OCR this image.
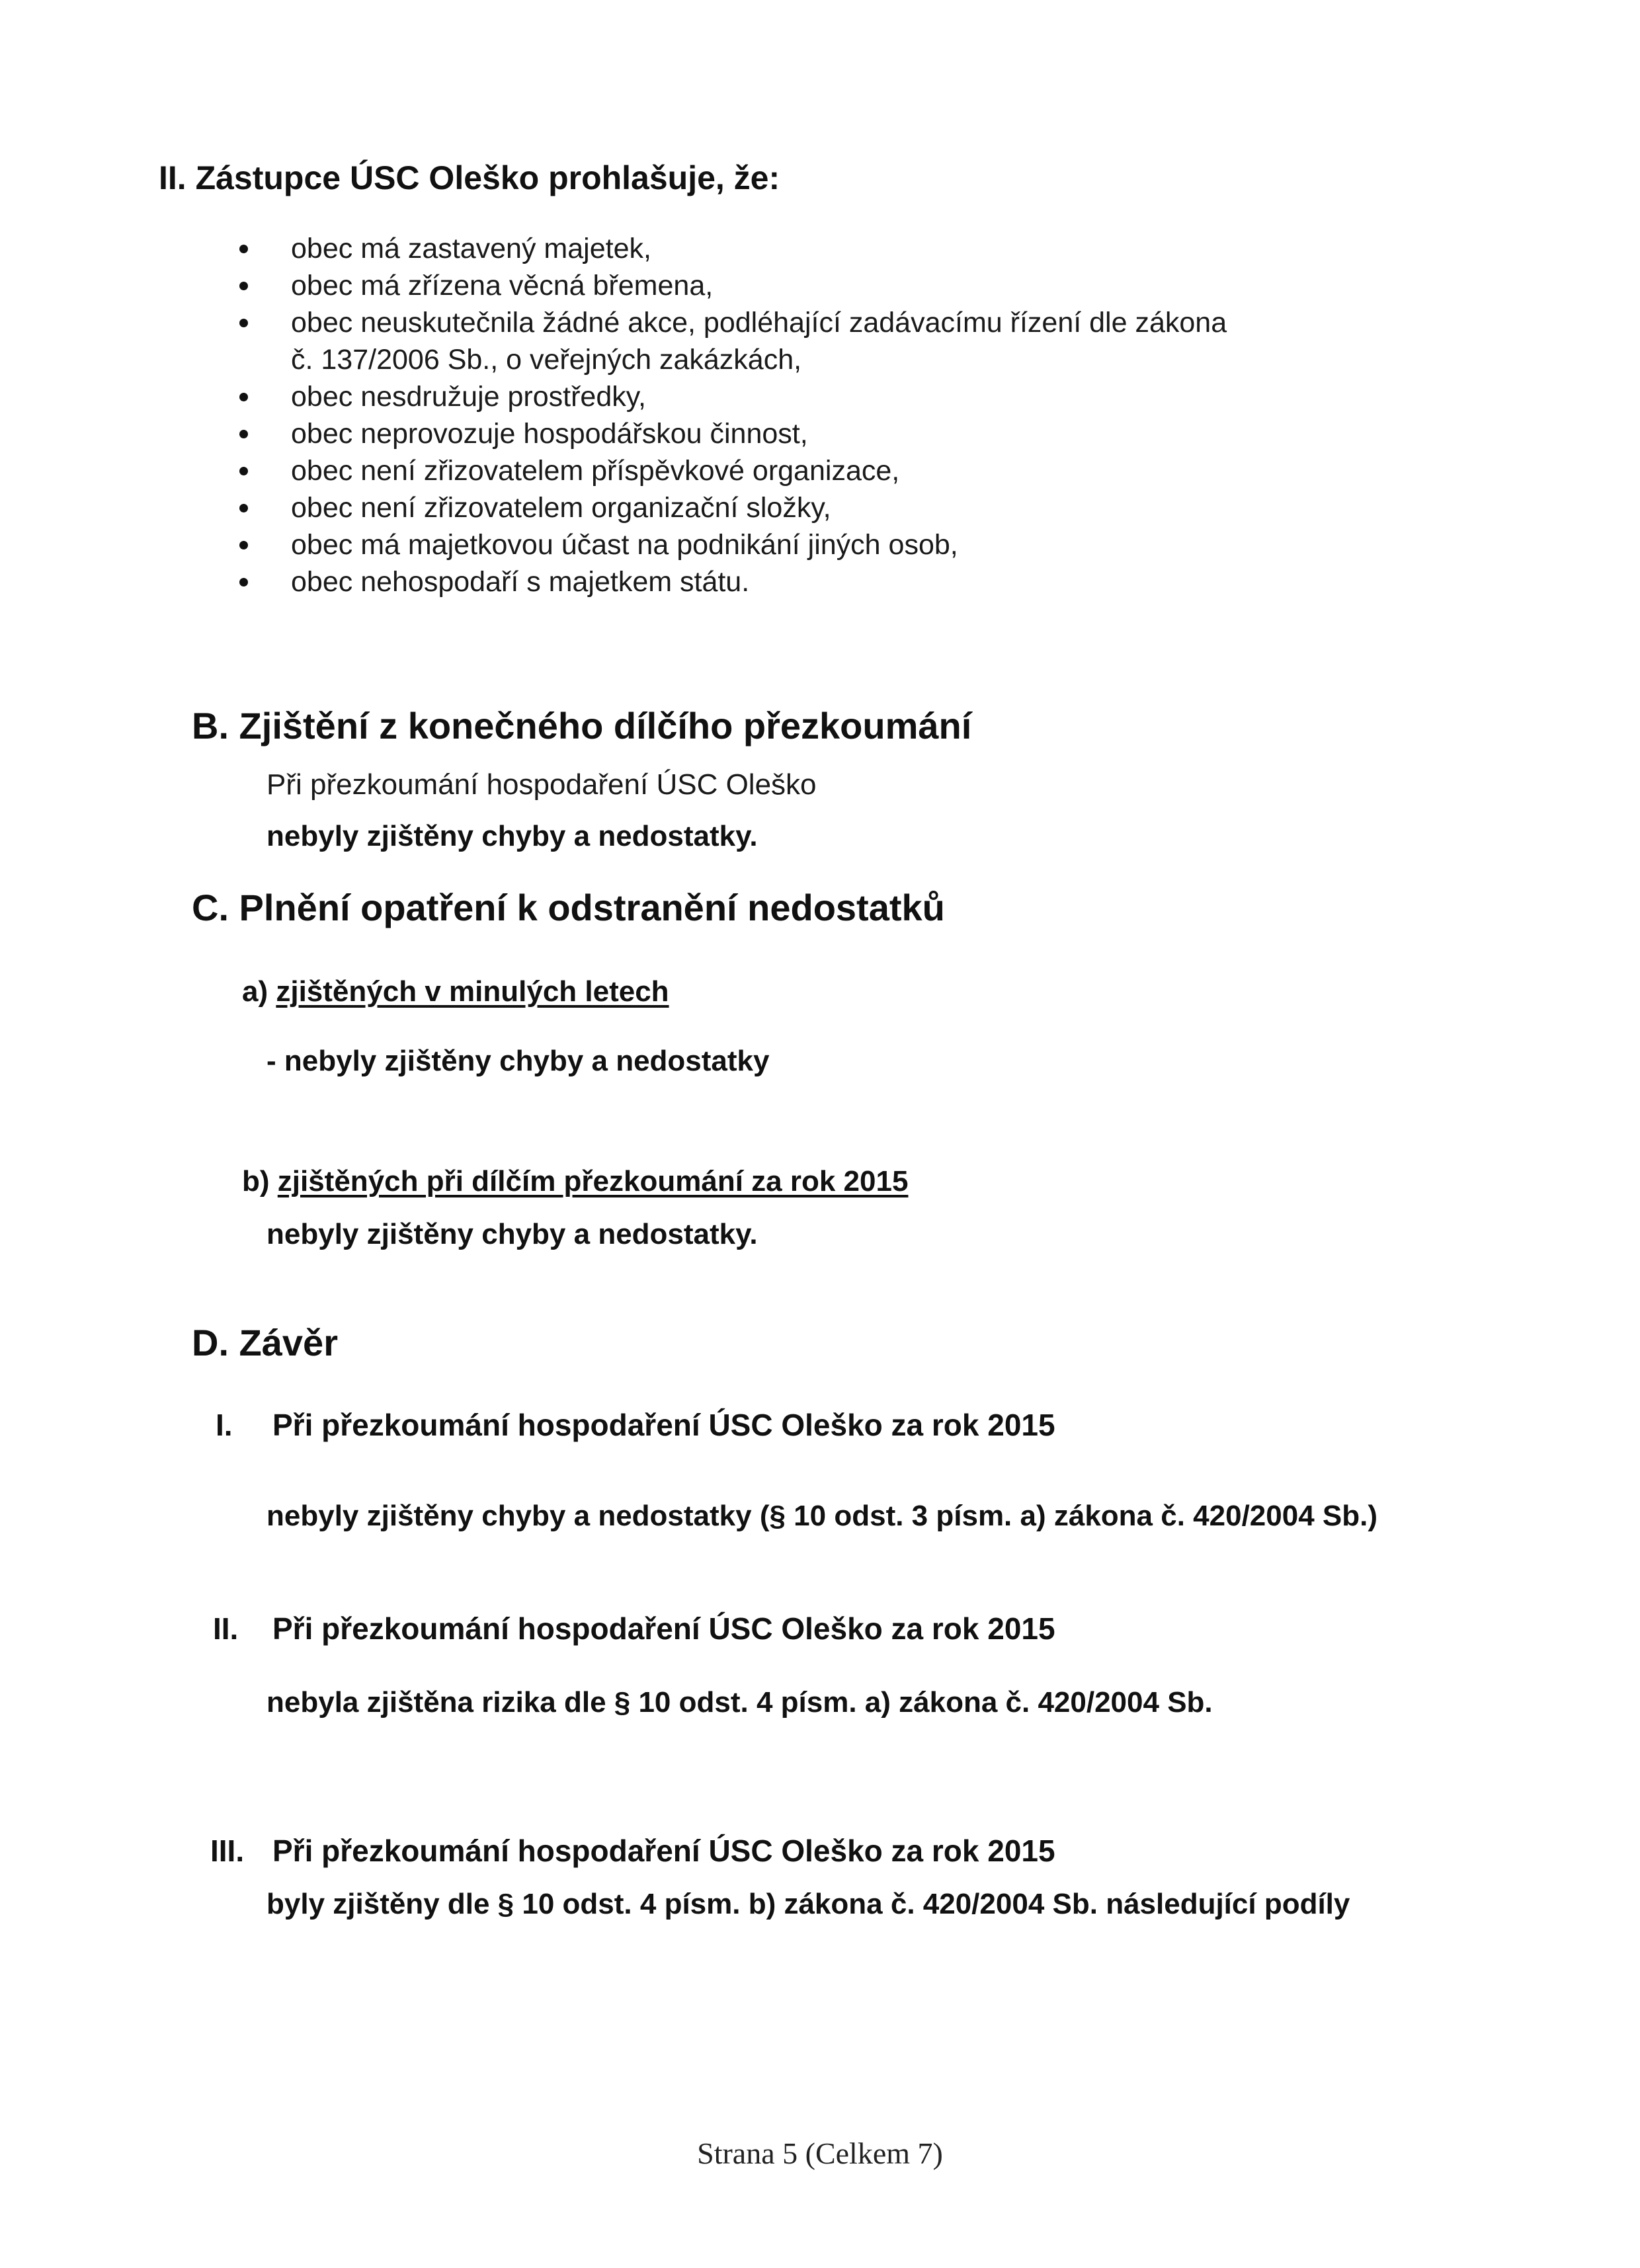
II. Zástupce ÚSC Oleško prohlašuje, že:
obec má zastavený majetek,
obec má zřízena věcná břemena,
obec neuskutečnila žádné akce, podléhající zadávacímu řízení dle zákona
č. 137/2006 Sb., o veřejných zakázkách,
obec nesdružuje prostředky,
obec neprovozuje hospodářskou činnost,
obec není zřizovatelem příspěvkové organizace,
obec není zřizovatelem organizační složky,
obec má majetkovou účast na podnikání jiných osob,
obec nehospodaří s majetkem státu.
B. Zjištění z konečného dílčího přezkoumání
Při přezkoumání hospodaření ÚSC Oleško
nebyly zjištěny chyby a nedostatky.
C. Plnění opatření k odstranění nedostatků
a) zjištěných v minulých letech
- nebyly zjištěny chyby a nedostatky
b) zjištěných při dílčím přezkoumání za rok 2015
nebyly zjištěny chyby a nedostatky.
D. Závěr
I. Při přezkoumání hospodaření ÚSC Oleško za rok 2015
nebyly zjištěny chyby a nedostatky (§ 10 odst. 3 písm. a) zákona č. 420/2004 Sb.)
II. Při přezkoumání hospodaření ÚSC Oleško za rok 2015
nebyla zjištěna rizika dle § 10 odst. 4 písm. a) zákona č. 420/2004 Sb.
III. Při přezkoumání hospodaření ÚSC Oleško za rok 2015
byly zjištěny dle § 10 odst. 4 písm. b) zákona č. 420/2004 Sb. následující podíly
Strana 5 (Celkem 7)
